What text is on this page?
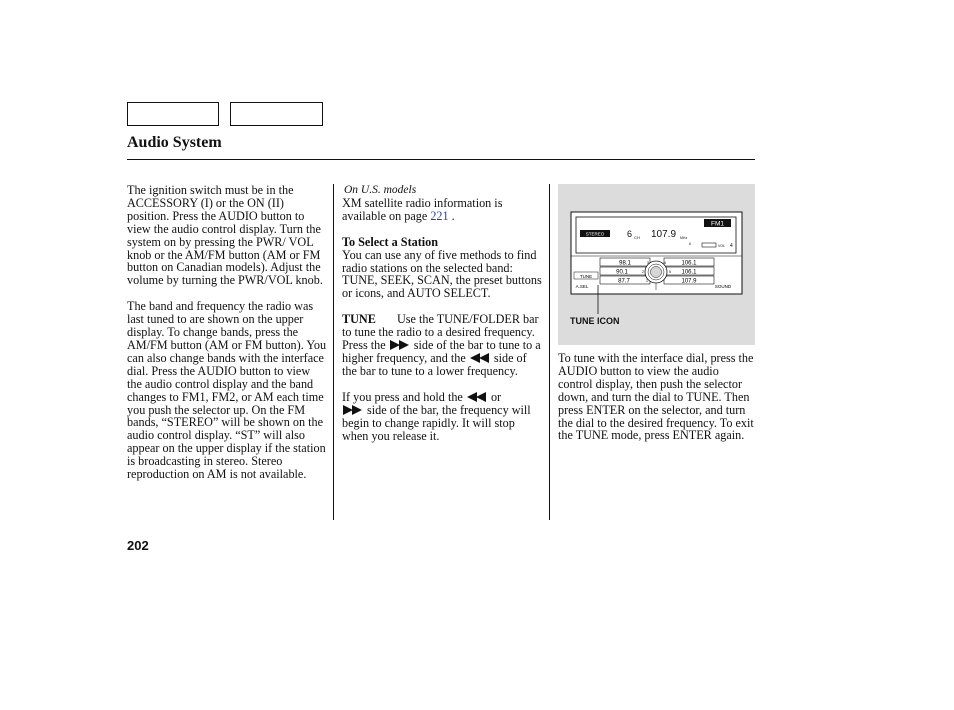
Audio System

The ignition switch must be in the ACCESSORY (I) or the ON (II) position. Press the AUDIO button to view the audio control display. Turn the system on by pressing the PWR/ VOL knob or the AM/FM button (AM or FM button on Canadian models). Adjust the volume by turning the PWR/VOL knob.

The band and frequency the radio was last tuned to are shown on the upper display. To change bands, press the AM/FM button (AM or FM button). You can also change bands with the interface dial. Press the AUDIO button to view the audio control display and the band changes to FM1, FM2, or AM each time you push the selector up. On the FM bands, “STEREO” will be shown on the audio control display. “ST” will also appear on the upper display if the station is broadcasting in stereo. Stereo reproduction on AM is not available.

On U.S. models

XM satellite radio information is available on page 221 .

To Select a Station

You can use any of five methods to find radio stations on the selected band: TUNE, SEEK, SCAN, the preset buttons or icons, and AUTO SELECT.

TUNE Use the TUNE/FOLDER bar to tune the radio to a desired frequency. Press the side of the bar to tune to a higher frequency, and the side of the bar to tune to a lower frequency.

If you press and hold the or
side of the bar, the frequency will begin to change rapidly. It will stop when you release it.

STEREO	6 CH 107.9 MHz
FM1
VOL 4
6
98.1	106.1
90.1	106.1
87.7	107.9
3	4
2	5
1
TUNE
A.SEL	SOUND
TUNE ICON

To tune with the interface dial, press the AUDIO button to view the audio control display, then push the selector down, and turn the dial to TUNE. Then press ENTER on the selector, and turn the dial to the desired frequency. To exit the TUNE mode, press ENTER again.

202
